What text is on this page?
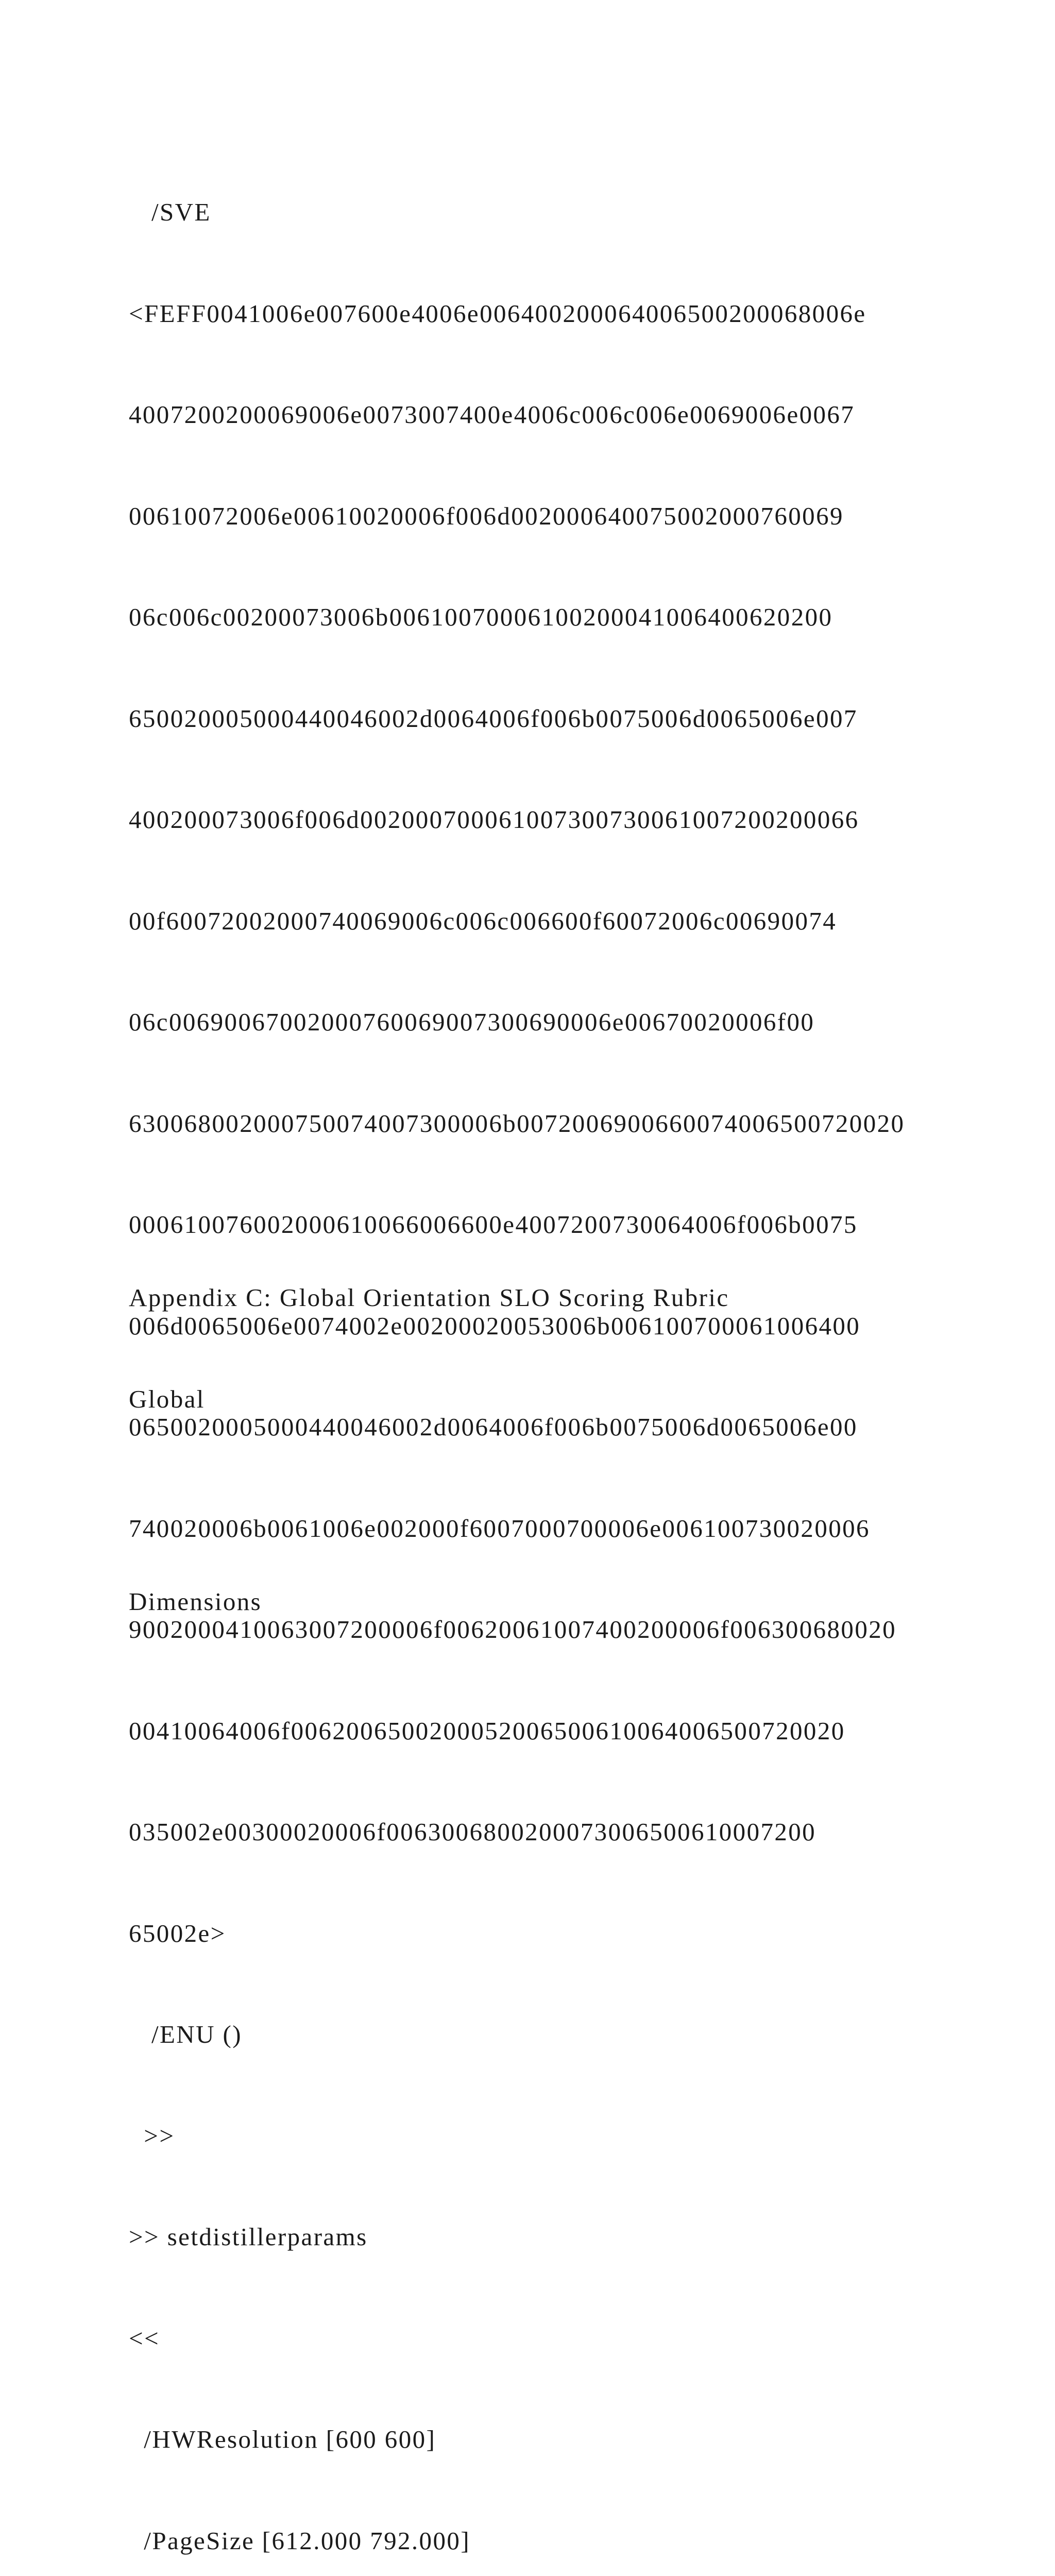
/SVE

<FEFF0041006e007600e4006e006400200064006500200068006e

4007200200069006e0073007400e4006c006c006e0069006e0067

00610072006e00610020006f006d002000640075002000760069

06c006c00200073006b00610070006100200041006400620200

650020005000440046002d0064006f006b0075006d0065006e007

400200073006f006d002000700061007300730061007200200066

00f60072002000740069006c006c006600f60072006c00690074

06c00690067002000760069007300690006e00670020006f00

630068002000750074007300006b0072006900660074006500720020

000610076002000610066006600e4007200730064006f006b0075

006d0065006e0074002e00200020053006b006100700061006400

0650020005000440046002d0064006f006b0075006d0065006e00

740020006b0061006e002000f6007000700006e006100730020006

9002000410063007200006f00620061007400200006f006300680020

00410064006f0062006500200052006500610064006500720020

035002e00300020006f0063006800200073006500610007200

65002e>

/ENU ()

>>

>> setdistillerparams

<<

/HWResolution [600 600]

/PageSize [612.000 792.000]

Appendix C: Global Orientation SLO Scoring Rubric

Global

Dimensions
